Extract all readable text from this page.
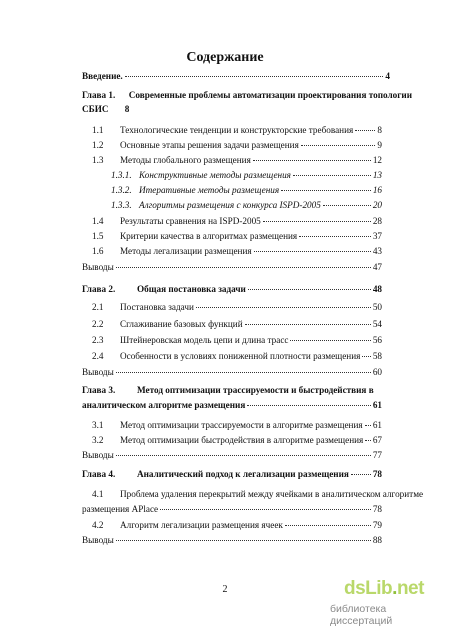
Содержание
Введение.	4
Глава 1.	Современные проблемы автоматизации проектирования топологии
СБИС 8
1.1	Технологические тенденции и конструкторские требования	8
1.2	Основные этапы решения задачи размещения	9
1.3	Методы глобального размещения	12
1.3.1. Конструктивные методы размещения	13
1.3.2. Итеративные методы размещения	16
1.3.3. Алгоритмы размещения с конкурса ISPD-2005	20
1.4	Результаты сравнения на ISPD-2005	28
1.5	Критерии качества в алгоритмах размещения	37
1.6	Методы легализации размещения	43
Выводы	47
Глава 2.	Общая постановка задачи	48
2.1	Постановка задачи	50
2.2	Сглаживание базовых функций	54
2.3	Штейнеровская модель цепи и длина трасс	56
2.4	Особенности в условиях пониженной плотности размещения 58
Выводы	60
Глава 3.	Метод оптимизации трассируемости и быстродействия в
аналитическом алгоритме размещения	61
3.1	Метод оптимизации трассируемости в алгоритме размещения 61
3.2	Метод оптимизации быстродействия в алгоритме размещения 67
Выводы	77
Глава 4.	Аналитический подход к легализации размещения	78
4.1	Проблема удаления перекрытий между ячейками в аналитическом алгоритме
размещения APlace	78
4.2	Алгоритм легализации размещения ячеек	79
Выводы	88
2	dsLib.net
библиотека диссертаций
